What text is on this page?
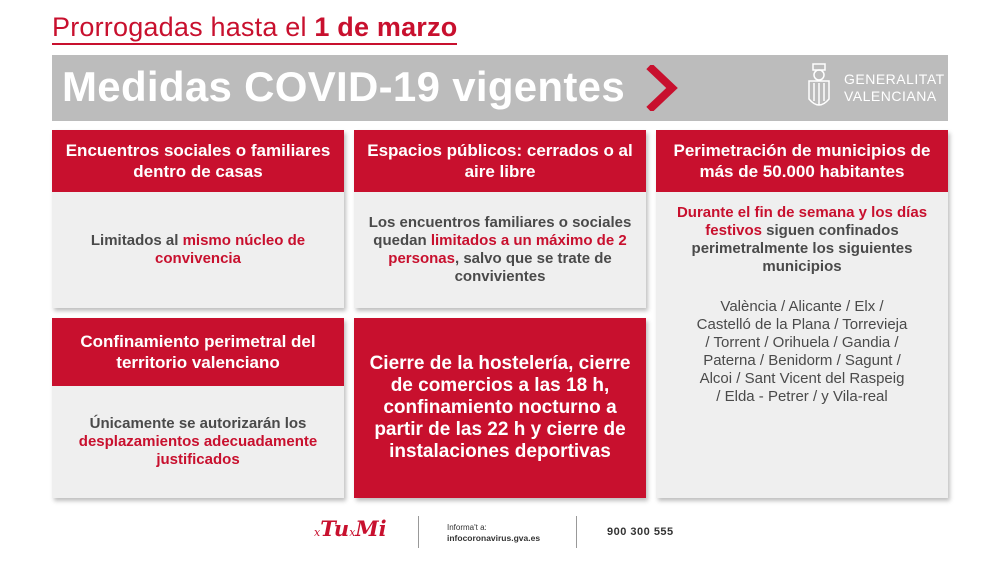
Prorrogadas hasta el 1 de marzo
Medidas COVID-19 vigentes	GENERALITAT
VALENCIANA
Encuentros sociales o familiares dentro de casas

Limitados al mismo núcleo de convivencia

Espacios públicos: cerrados o al aire libre

Los encuentros familiares o sociales quedan limitados a un máximo de 2 personas, salvo que se trate de convivientes

Perimetración de municipios de más de 50.000 habitantes

Durante el fin de semana y los días festivos siguen confinados perimetralmente los siguientes municipios

València / Alicante / Elx / Castelló de la Plana / Torrevieja / Torrent / Orihuela / Gandia / Paterna / Benidorm / Sagunt / Alcoi / Sant Vicent del Raspeig / Elda - Petrer / y Vila-real

Confinamiento perimetral del territorio valenciano

Únicamente se autorizarán los desplazamientos adecuadamente justificados

Cierre de la hostelería, cierre de comercios a las 18 h, confinamiento nocturno a partir de las 22 h y cierre de instalaciones deportivas

xTuxMi	Informa't a:
infocoronavirus.gva.es	900 300 555
